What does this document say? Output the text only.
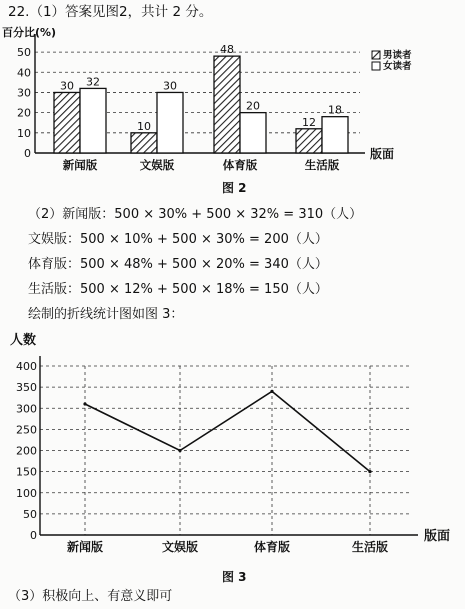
22.（1）答案见图2，共计 2 分。
百分比(%)
版面
0
10
20
30
40
50
30 32
新闻版
10
30
文娱版
48
20
体育版
12
18
生活版
男读者
女读者
图 2
（2）新闻版：500 × 30% + 500 × 32% = 310（人）
文娱版：500 × 10% + 500 × 30% = 200（人）
体育版：500 × 48% + 500 × 20% = 340（人）
生活版：500 × 12% + 500 × 18% = 150（人）
绘制的折线统计图如图 3：
人数
版面
0
50
100
150
200
250
300
350
400
新闻版	文娱版	体育版	生活版
图 3
（3）积极向上、有意义即可
